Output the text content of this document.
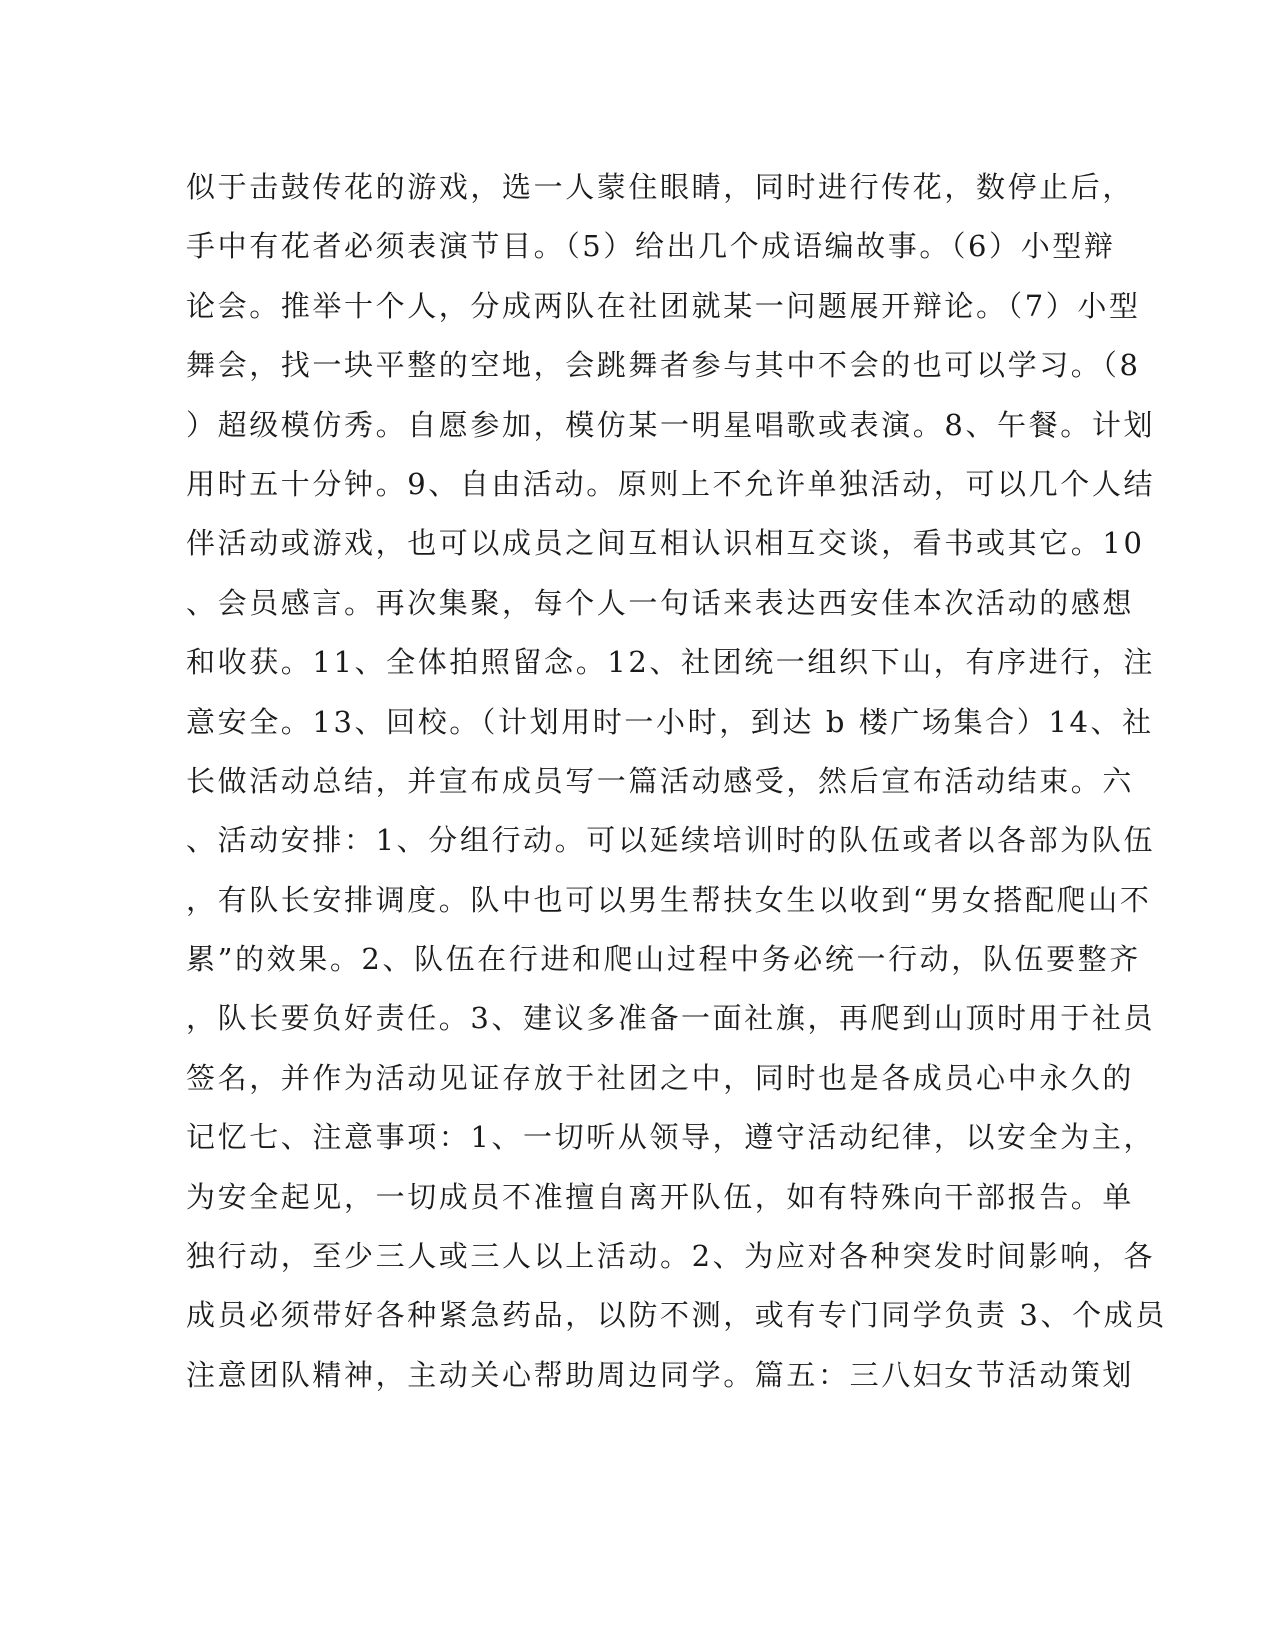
似于击鼓传花的游戏，选一人蒙住眼睛，同时进行传花，数停止后，
手中有花者必须表演节目。（5）给出几个成语编故事。（6）小型辩
论会。推举十个人，分成两队在社团就某一问题展开辩论。（7）小型
舞会，找一块平整的空地，会跳舞者参与其中不会的也可以学习。（8
）超级模仿秀。自愿参加，模仿某一明星唱歌或表演。8、午餐。计划
用时五十分钟。9、自由活动。原则上不允许单独活动，可以几个人结
伴活动或游戏，也可以成员之间互相认识相互交谈，看书或其它。10
、会员感言。再次集聚，每个人一句话来表达西安佳本次活动的感想
和收获。11、全体拍照留念。12、社团统一组织下山，有序进行，注
意安全。13、回校。（计划用时一小时，到达 b 楼广场集合）14、社
长做活动总结，并宣布成员写一篇活动感受，然后宣布活动结束。六
、活动安排：1、分组行动。可以延续培训时的队伍或者以各部为队伍
，有队长安排调度。队中也可以男生帮扶女生以收到“男女搭配爬山不
累”的效果。2、队伍在行进和爬山过程中务必统一行动，队伍要整齐
，队长要负好责任。3、建议多准备一面社旗，再爬到山顶时用于社员
签名，并作为活动见证存放于社团之中，同时也是各成员心中永久的
记忆七、注意事项：1、一切听从领导，遵守活动纪律，以安全为主，
为安全起见，一切成员不准擅自离开队伍，如有特殊向干部报告。单
独行动，至少三人或三人以上活动。2、为应对各种突发时间影响，各
成员必须带好各种紧急药品，以防不测，或有专门同学负责 3、个成员
注意团队精神，主动关心帮助周边同学。篇五：三八妇女节活动策划
